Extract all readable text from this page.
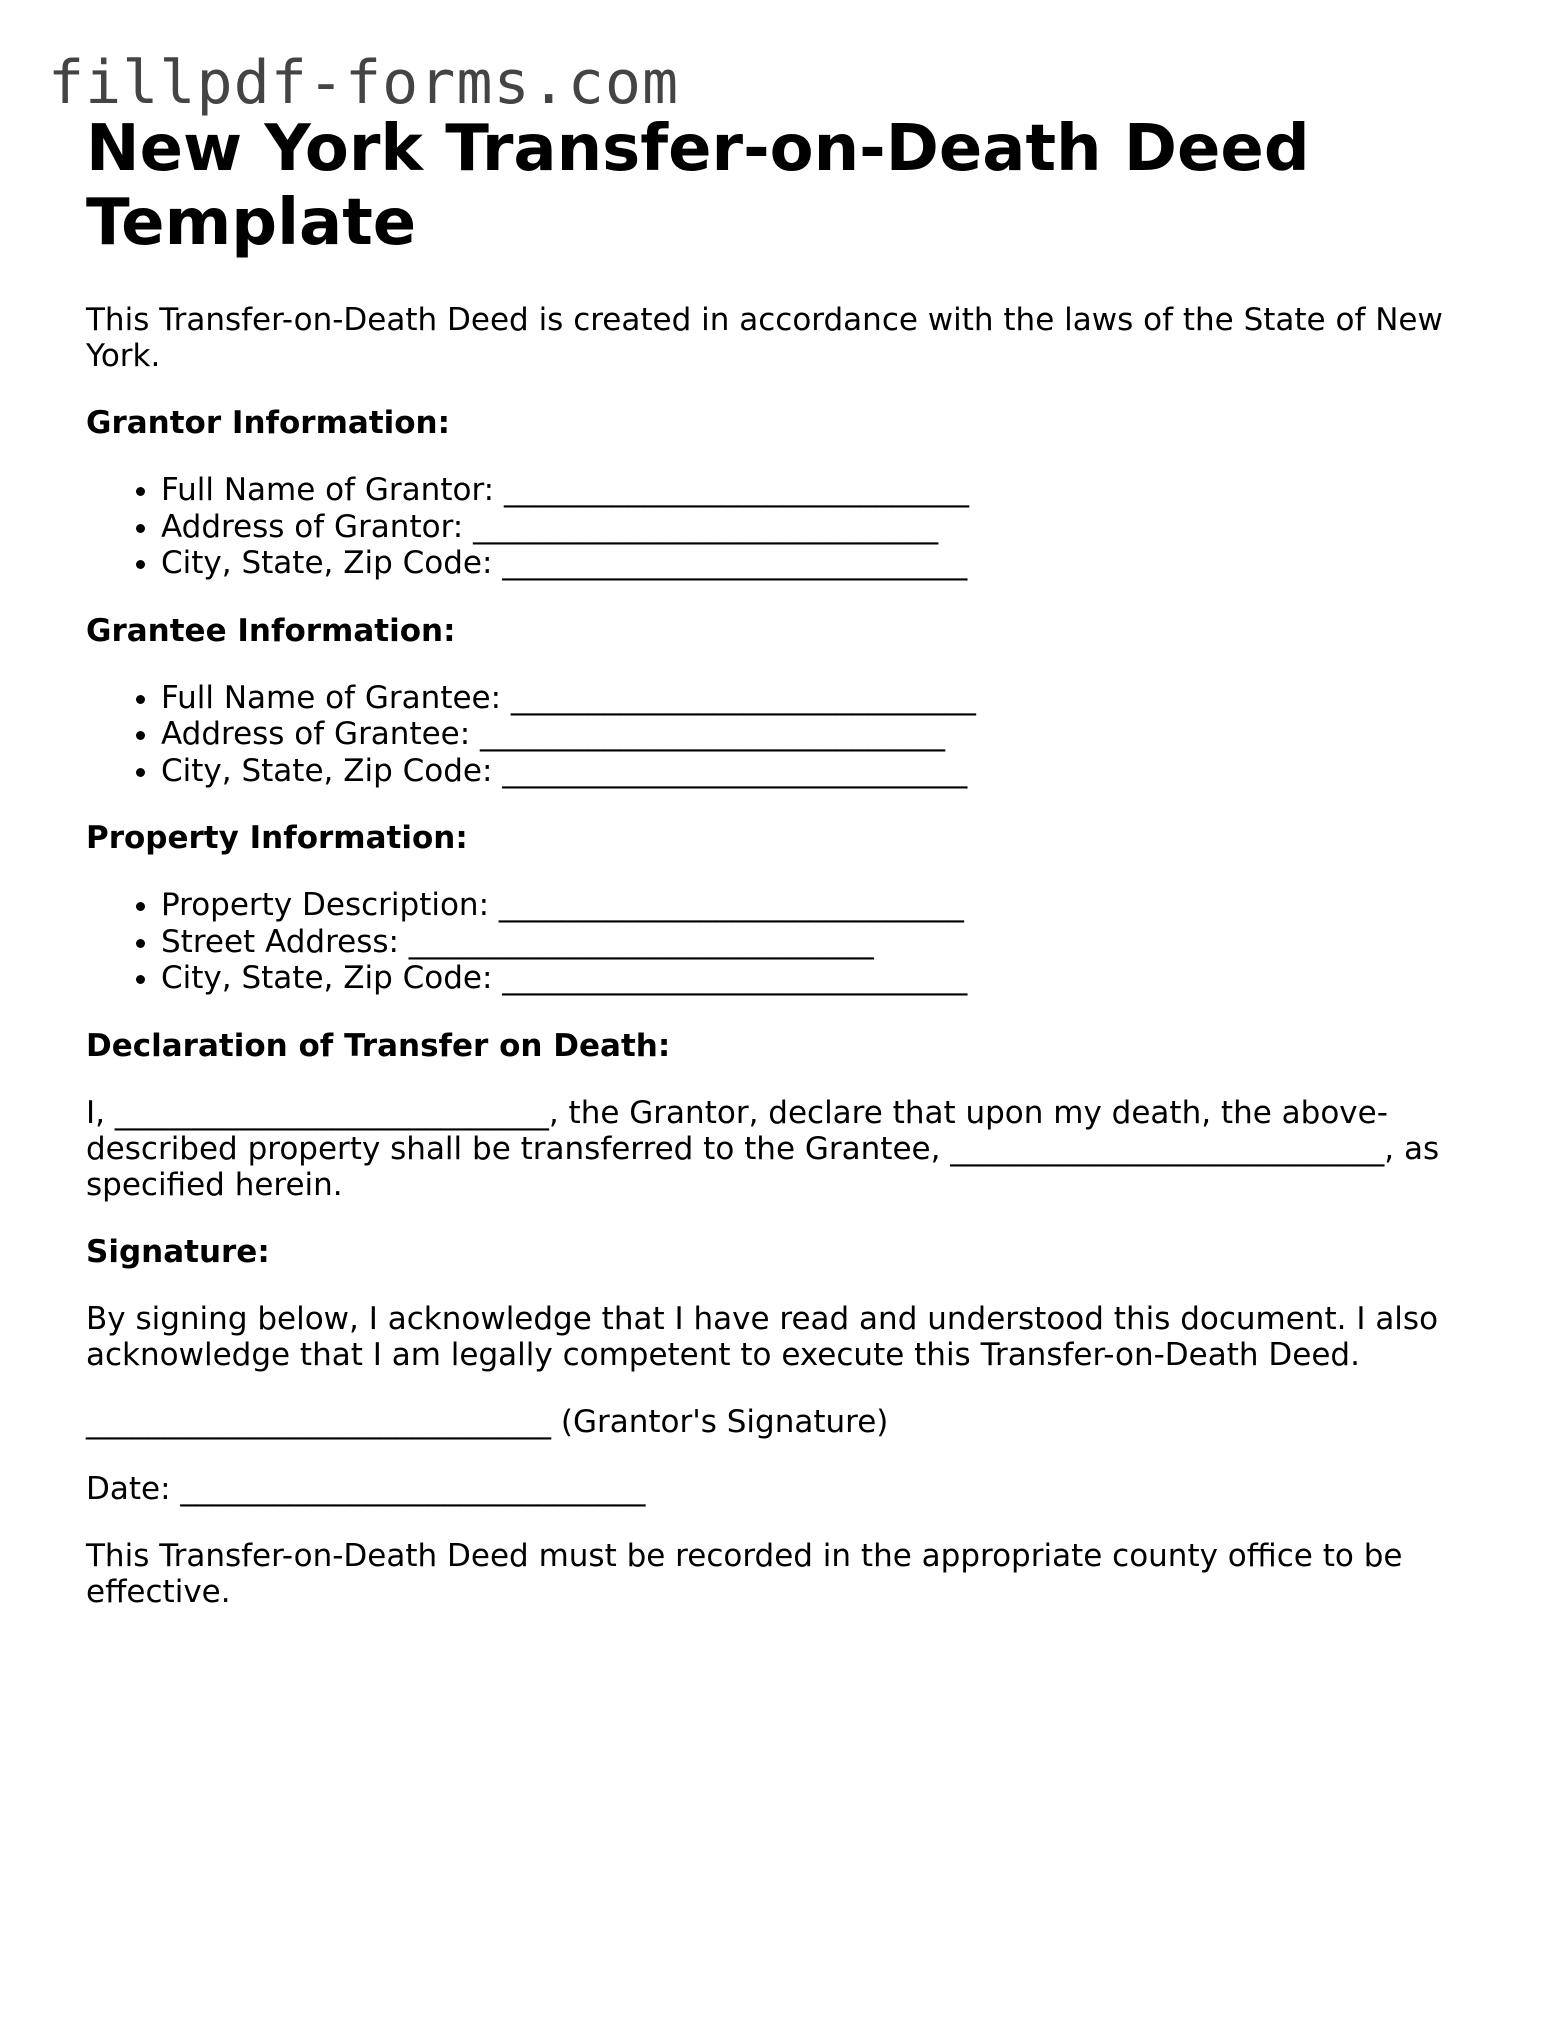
fillpdf-forms.com
New York Transfer-on-Death Deed Template

This Transfer-on-Death Deed is created in accordance with the laws of the State of New York.

Grantor Information:

• Full Name of Grantor: ______________________________
• Address of Grantor: ______________________________
• City, State, Zip Code: ______________________________

Grantee Information:

• Full Name of Grantee: ______________________________
• Address of Grantee: ______________________________
• City, State, Zip Code: ______________________________

Property Information:

• Property Description: ______________________________
• Street Address: ______________________________
• City, State, Zip Code: ______________________________

Declaration of Transfer on Death:

I, ____________________________, the Grantor, declare that upon my death, the above-described property shall be transferred to the Grantee, ____________________________, as specified herein.

Signature:

By signing below, I acknowledge that I have read and understood this document. I also acknowledge that I am legally competent to execute this Transfer-on-Death Deed.

______________________________ (Grantor's Signature)

Date: ______________________________

This Transfer-on-Death Deed must be recorded in the appropriate county office to be effective.
